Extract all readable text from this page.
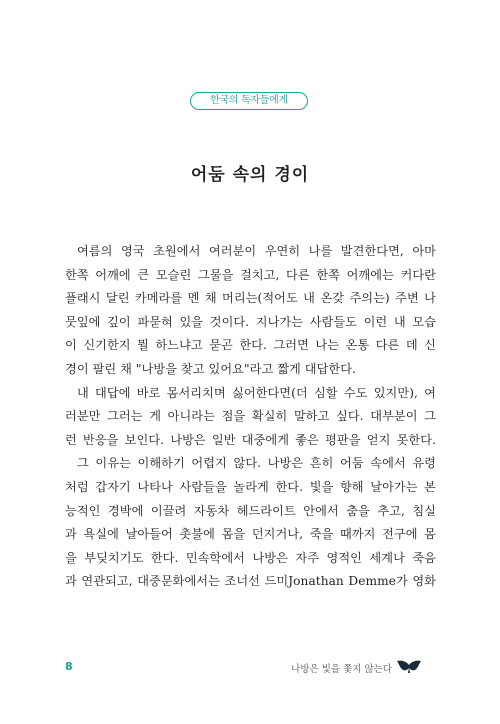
한국의 독자들에게
어둠 속의 경이
여름의 영국 초원에서 여러분이 우연히 나를 발견한다면, 아마
한쪽 어깨에 큰 모슬린 그물을 걸치고, 다른 한쪽 어깨에는 커다란
플래시 달린 카메라를 멘 채 머리는(적어도 내 온갖 주의는) 주변 나
뭇잎에 깊이 파묻혀 있을 것이다. 지나가는 사람들도 이런 내 모습
이 신기한지 뭘 하느냐고 묻곤 한다. 그러면 나는 온통 다른 데 신
경이 팔린 채 "나방을 찾고 있어요"라고 짧게 대답한다.
내 대답에 바로 몸서리치며 싫어한다면(더 심할 수도 있지만), 여
러분만 그러는 게 아니라는 점을 확실히 말하고 싶다. 대부분이 그
런 반응을 보인다. 나방은 일반 대중에게 좋은 평판을 얻지 못한다.
그 이유는 이해하기 어렵지 않다. 나방은 흔히 어둠 속에서 유령
처럼 갑자기 나타나 사람들을 놀라게 한다. 빛을 향해 날아가는 본
능적인 경박에 이끌려 자동차 헤드라이트 안에서 춤을 추고, 침실
과 욕실에 날아들어 촛불에 몸을 던지거나, 죽을 때까지 전구에 몸
을 부딪치기도 한다. 민속학에서 나방은 자주 영적인 세계나 죽음
과 연관되고, 대중문화에서는 조너선 드미Jonathan Demme가 영화
8	나방은 빛을 쫓지 않는다
